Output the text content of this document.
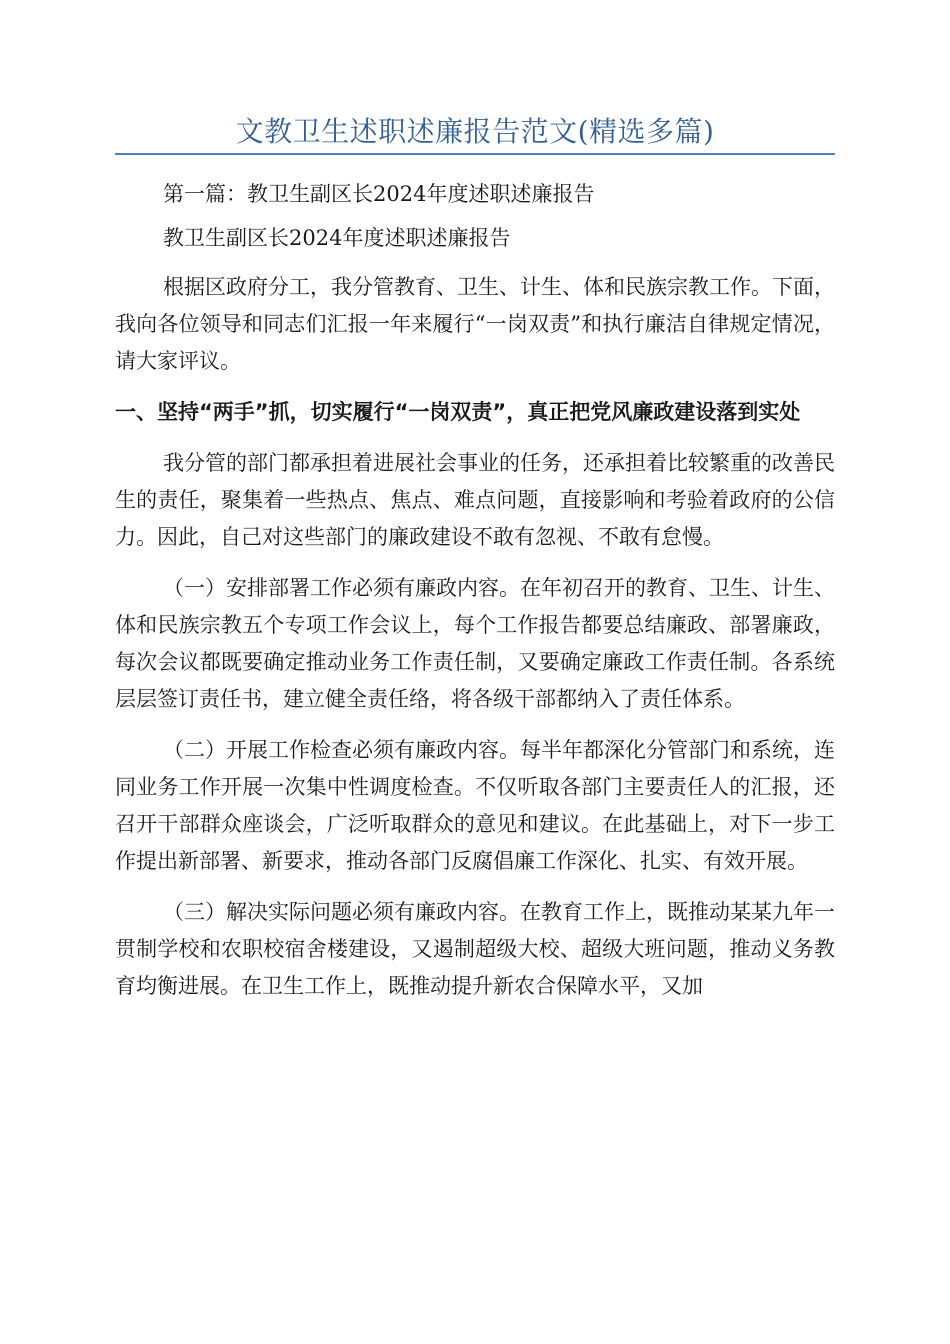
文教卫生述职述廉报告范文(精选多篇)

第一篇：教卫生副区长2024年度述职述廉报告

教卫生副区长2024年度述职述廉报告

根据区政府分工，我分管教育、卫生、计生、体和民族宗教工作。下面，我向各位领导和同志们汇报一年来履行“一岗双责”和执行廉洁自律规定情况，请大家评议。

一、坚持“两手”抓，切实履行“一岗双责”，真正把党风廉政建设落到实处

我分管的部门都承担着进展社会事业的任务，还承担着比较繁重的改善民生的责任，聚集着一些热点、焦点、难点问题，直接影响和考验着政府的公信力。因此，自己对这些部门的廉政建设不敢有忽视、不敢有怠慢。

（一）安排部署工作必须有廉政内容。在年初召开的教育、卫生、计生、体和民族宗教五个专项工作会议上，每个工作报告都要总结廉政、部署廉政，每次会议都既要确定推动业务工作责任制，又要确定廉政工作责任制。各系统层层签订责任书，建立健全责任络，将各级干部都纳入了责任体系。

（二）开展工作检查必须有廉政内容。每半年都深化分管部门和系统，连同业务工作开展一次集中性调度检查。不仅听取各部门主要责任人的汇报，还召开干部群众座谈会，广泛听取群众的意见和建议。在此基础上，对下一步工作提出新部署、新要求，推动各部门反腐倡廉工作深化、扎实、有效开展。

（三）解决实际问题必须有廉政内容。在教育工作上，既推动某某九年一贯制学校和农职校宿舍楼建设，又遏制超级大校、超级大班问题，推动义务教育均衡进展。在卫生工作上，既推动提升新农合保障水平，又加
